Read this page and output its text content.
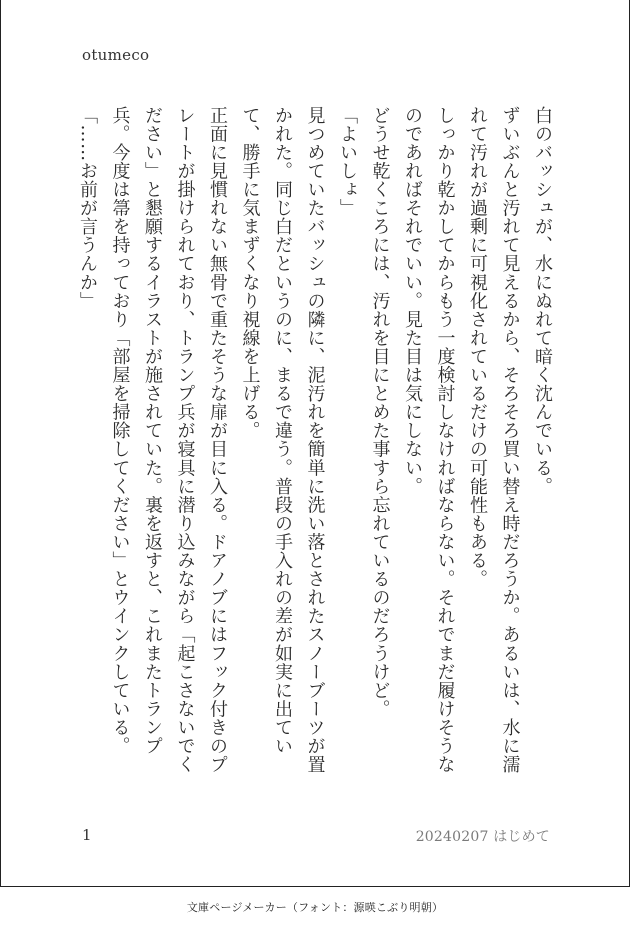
otumeco

白のバッシュが、水にぬれて暗く沈んでいる。

ずいぶんと汚れて見えるから、そろそろ買い替え時だろうか。あるいは、水に濡れて汚れが過剰に可視化されているだけの可能性もある。

しっかり乾かしてからもう一度検討しなければならない。それでまだ履けそうなのであればそれでいい。見た目は気にしない。

どうせ乾くころには、汚れを目にとめた事すら忘れているのだろうけど。

「よいしょ」

見つめていたバッシュの隣に、泥汚れを簡単に洗い落とされたスノーブーツが置かれた。同じ白だというのに、まるで違う。普段の手入れの差が如実に出ていて、勝手に気まずくなり視線を上げる。

正面に見慣れない無骨で重たそうな扉が目に入る。ドアノブにはフック付きのプレートが掛けられており、トランプ兵が寝具に潜り込みながら「起こさないでください」と懇願するイラストが施されていた。裏を返すと、これまたトランプ兵。今度は箒を持っており「部屋を掃除してください」とウインクしている。

「……お前が言うんか」

1	20240207 はじめて
文庫ページメーカー（フォント：源暎こぶり明朝）
